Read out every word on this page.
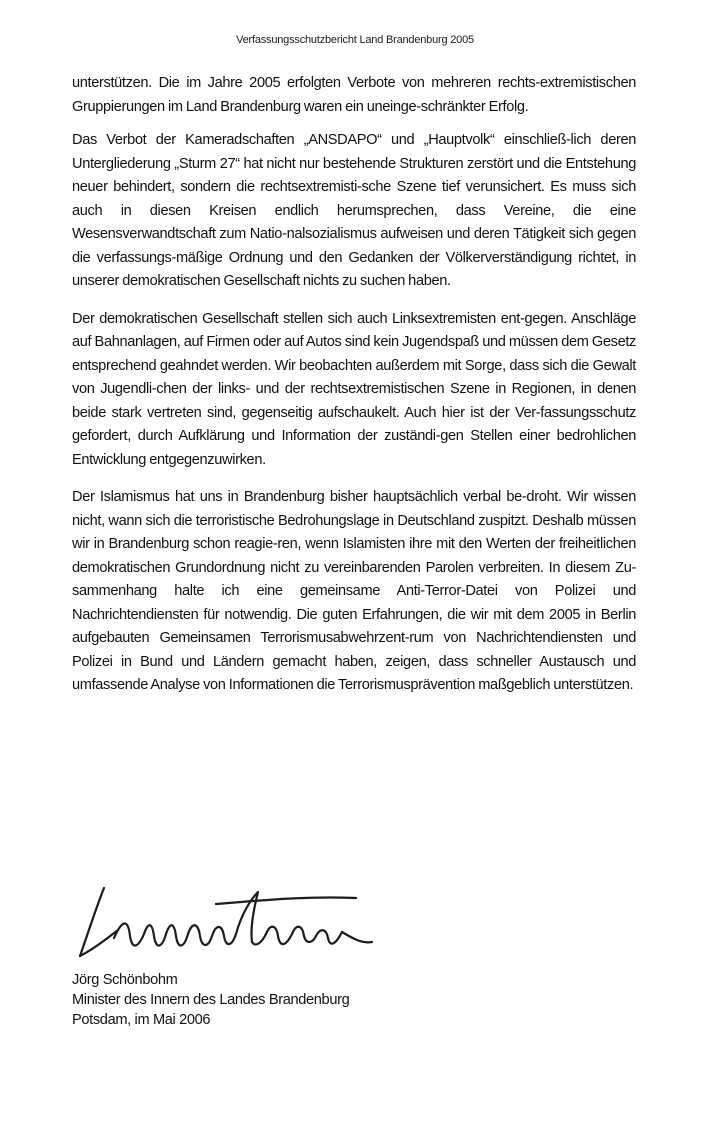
Verfassungsschutzbericht Land Brandenburg 2005

unterstützen. Die im Jahre 2005 erfolgten Verbote von mehreren rechts-extremistischen Gruppierungen im Land Brandenburg waren ein uneinge-schränkter Erfolg.

Das Verbot der Kameradschaften „ANSDAPO“ und „Hauptvolk“ einschließ-lich deren Untergliederung „Sturm 27“ hat nicht nur bestehende Strukturen zerstört und die Entstehung neuer behindert, sondern die rechtsextremisti-sche Szene tief verunsichert. Es muss sich auch in diesen Kreisen endlich herumsprechen, dass Vereine, die eine Wesensverwandtschaft zum Natio-nalsozialismus aufweisen und deren Tätigkeit sich gegen die verfassungs-mäßige Ordnung und den Gedanken der Völkerverständigung richtet, in unserer demokratischen Gesellschaft nichts zu suchen haben.

Der demokratischen Gesellschaft stellen sich auch Linksextremisten ent-gegen. Anschläge auf Bahnanlagen, auf Firmen oder auf Autos sind kein Jugendspaß und müssen dem Gesetz entsprechend geahndet werden. Wir beobachten außerdem mit Sorge, dass sich die Gewalt von Jugendli-chen der links- und der rechtsextremistischen Szene in Regionen, in denen beide stark vertreten sind, gegenseitig aufschaukelt. Auch hier ist der Ver-fassungsschutz gefordert, durch Aufklärung und Information der zuständi-gen Stellen einer bedrohlichen Entwicklung entgegenzuwirken.

Der Islamismus hat uns in Brandenburg bisher hauptsächlich verbal be-droht. Wir wissen nicht, wann sich die terroristische Bedrohungslage in Deutschland zuspitzt. Deshalb müssen wir in Brandenburg schon reagie-ren, wenn Islamisten ihre mit den Werten der freiheitlichen demokratischen Grundordnung nicht zu vereinbarenden Parolen verbreiten. In diesem Zu-sammenhang halte ich eine gemeinsame Anti-Terror-Datei von Polizei und Nachrichtendiensten für notwendig. Die guten Erfahrungen, die wir mit dem 2005 in Berlin aufgebauten Gemeinsamen Terrorismusabwehrzent-rum von Nachrichtendiensten und Polizei in Bund und Ländern gemacht haben, zeigen, dass schneller Austausch und umfassende Analyse von Informationen die Terrorismusprävention maßgeblich unterstützen.

Jörg Schönbohm
Minister des Innern des Landes Brandenburg
Potsdam, im Mai 2006
